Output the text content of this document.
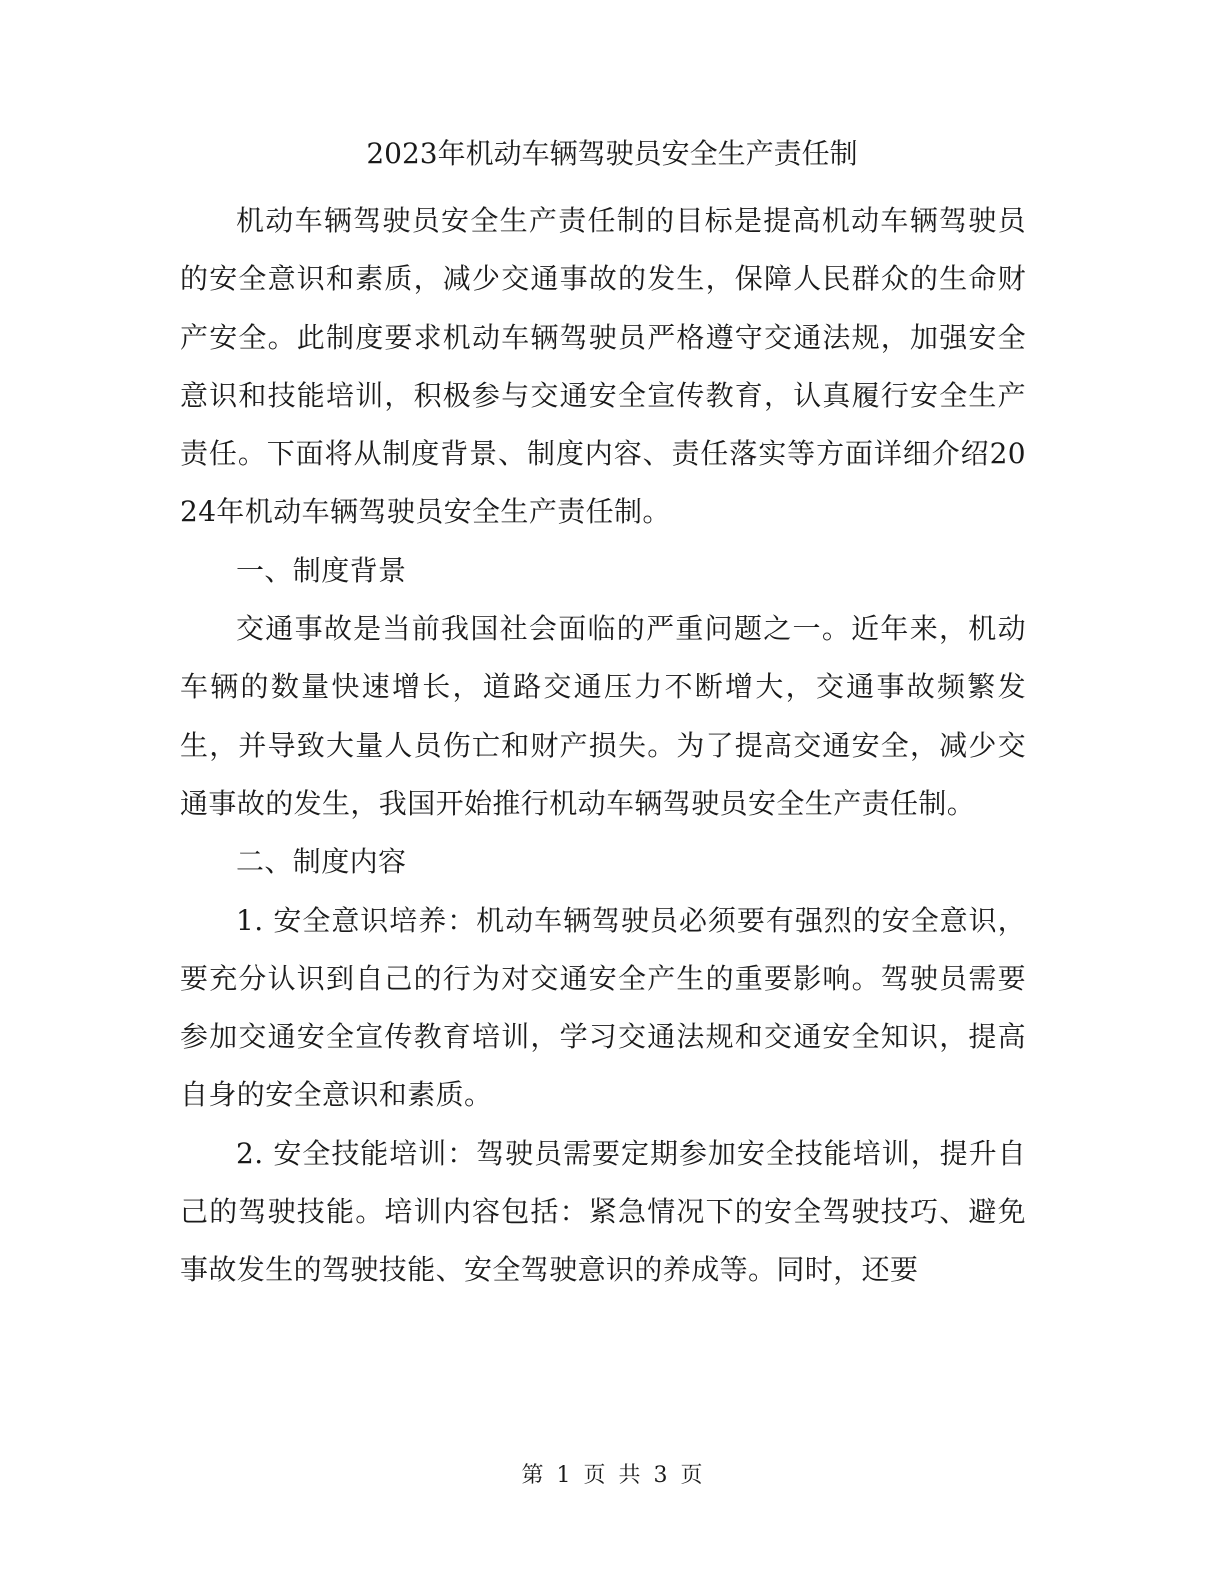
2023年机动车辆驾驶员安全生产责任制

机动车辆驾驶员安全生产责任制的目标是提高机动车辆驾驶员的安全意识和素质，减少交通事故的发生，保障人民群众的生命财产安全。此制度要求机动车辆驾驶员严格遵守交通法规，加强安全意识和技能培训，积极参与交通安全宣传教育，认真履行安全生产责任。下面将从制度背景、制度内容、责任落实等方面详细介绍2024年机动车辆驾驶员安全生产责任制。

一、制度背景

交通事故是当前我国社会面临的严重问题之一。近年来，机动车辆的数量快速增长，道路交通压力不断增大，交通事故频繁发生，并导致大量人员伤亡和财产损失。为了提高交通安全，减少交通事故的发生，我国开始推行机动车辆驾驶员安全生产责任制。

二、制度内容

1. 安全意识培养：机动车辆驾驶员必须要有强烈的安全意识，要充分认识到自己的行为对交通安全产生的重要影响。驾驶员需要参加交通安全宣传教育培训，学习交通法规和交通安全知识，提高自身的安全意识和素质。

2. 安全技能培训：驾驶员需要定期参加安全技能培训，提升自己的驾驶技能。培训内容包括：紧急情况下的安全驾驶技巧、避免事故发生的驾驶技能、安全驾驶意识的养成等。同时，还要

第 1 页 共 3 页
